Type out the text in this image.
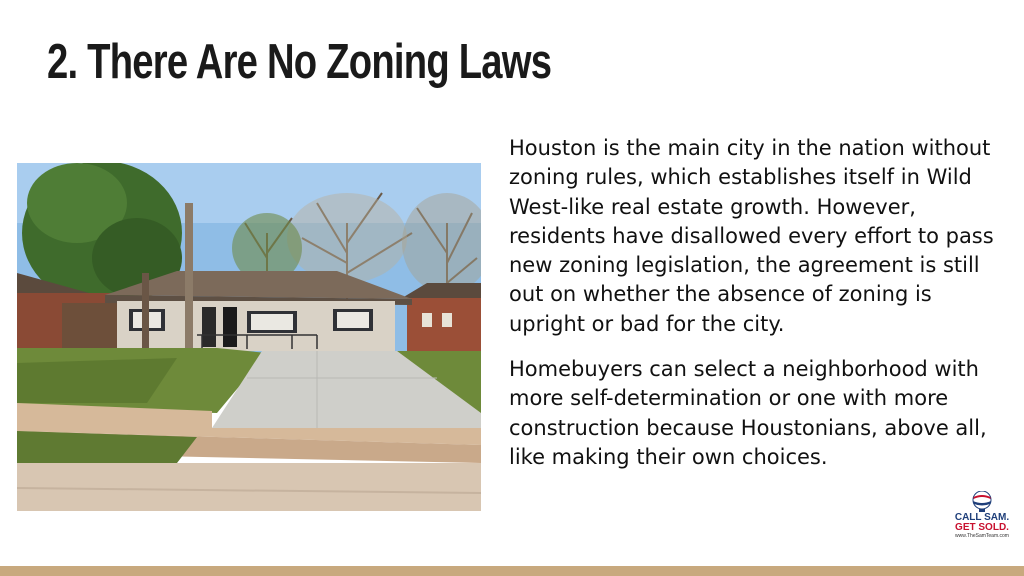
2. There Are No Zoning Laws

Houston is the main city in the nation without zoning rules, which establishes itself in Wild West-like real estate growth. However, residents have disallowed every effort to pass new zoning legislation, the agreement is still out on whether the absence of zoning is upright or bad for the city.

Homebuyers can select a neighborhood with more self-determination or one with more construction because Houstonians, above all, like making their own choices.

CALL SAM.
GET SOLD.
www.TheSamTeam.com
